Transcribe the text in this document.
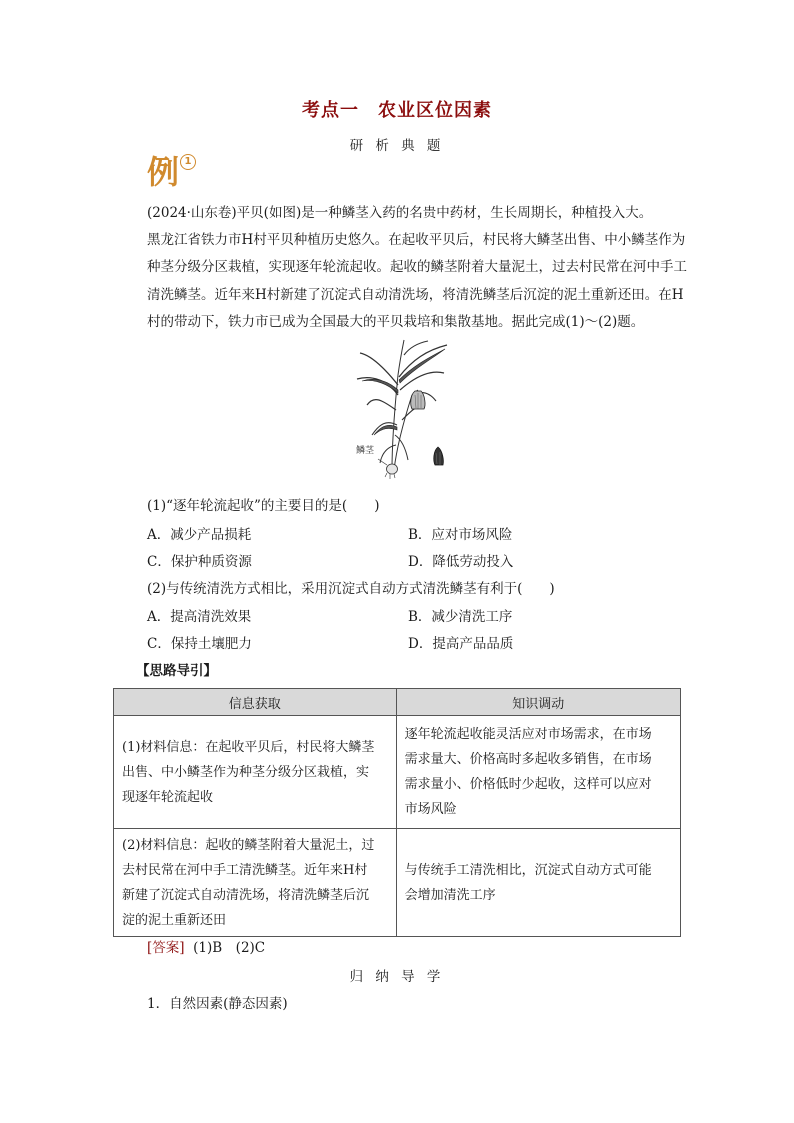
考点一　农业区位因素
研 析 典 题
例 1
(2024·山东卷)平贝(如图)是一种鳞茎入药的名贵中药材，生长周期长，种植投入大。
黑龙江省铁力市H村平贝种植历史悠久。在起收平贝后，村民将大鳞茎出售、中小鳞茎作为
种茎分级分区栽植，实现逐年轮流起收。起收的鳞茎附着大量泥土，过去村民常在河中手工
清洗鳞茎。近年来H村新建了沉淀式自动清洗场，将清洗鳞茎后沉淀的泥土重新还田。在H
村的带动下，铁力市已成为全国最大的平贝栽培和集散基地。据此完成(1)～(2)题。
鳞茎
(1)“逐年轮流起收”的主要目的是(　　)
A．减少产品损耗	B．应对市场风险
C．保护种质资源	D．降低劳动投入
(2)与传统清洗方式相比，采用沉淀式自动方式清洗鳞茎有利于(　　)
A．提高清洗效果	B．减少清洗工序
C．保持土壤肥力	D．提高产品品质
【思路导引】
信息获取	知识调动

(1)材料信息：在起收平贝后，村民将大鳞茎
出售、中小鳞茎作为种茎分级分区栽植，实
现逐年轮流起收	逐年轮流起收能灵活应对市场需求，在市场
需求量大、价格高时多起收多销售，在市场
需求量小、价格低时少起收，这样可以应对
市场风险

(2)材料信息：起收的鳞茎附着大量泥土，过
去村民常在河中手工清洗鳞茎。近年来H村
新建了沉淀式自动清洗场，将清洗鳞茎后沉
淀的泥土重新还田	与传统手工清洗相比，沉淀式自动方式可能
会增加清洗工序
[答案] (1)B　(2)C
归 纳 导 学
1．自然因素(静态因素)
